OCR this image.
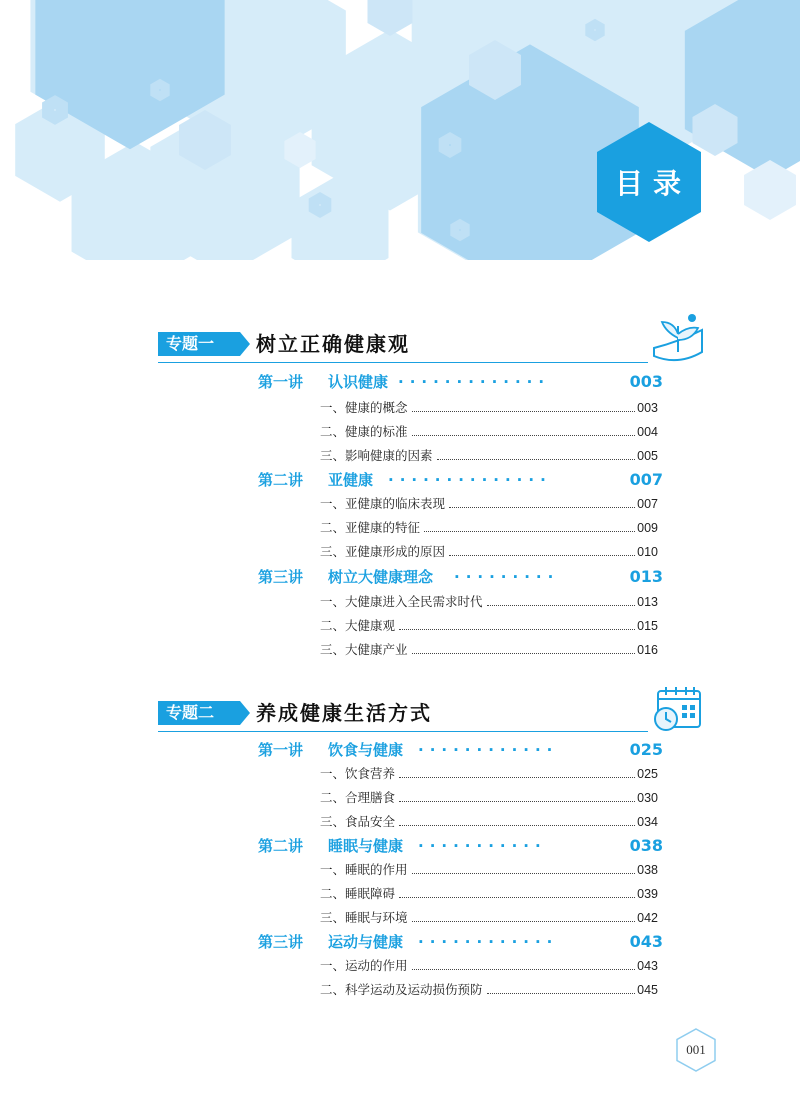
目录
专题一	树立正确健康观
第一讲 认识健康 ·············	003
一、健康的概念	003
二、健康的标准	004
三、影响健康的因素	005
第二讲 亚健康 ··············	007
一、亚健康的临床表现	007
二、亚健康的特征	009
三、亚健康形成的原因	010
第三讲 树立大健康理念 ·········	013
一、大健康进入全民需求时代	013
二、大健康观	015
三、大健康产业	016
专题二	养成健康生活方式
第一讲 饮食与健康 ············	025
一、饮食营养	025
二、合理膳食	030
三、食品安全	034
第二讲 睡眠与健康 ···········	038
一、睡眠的作用	038
二、睡眠障碍	039
三、睡眠与环境	042
第三讲 运动与健康 ············	043
一、运动的作用	043
二、科学运动及运动损伤预防	045
001
